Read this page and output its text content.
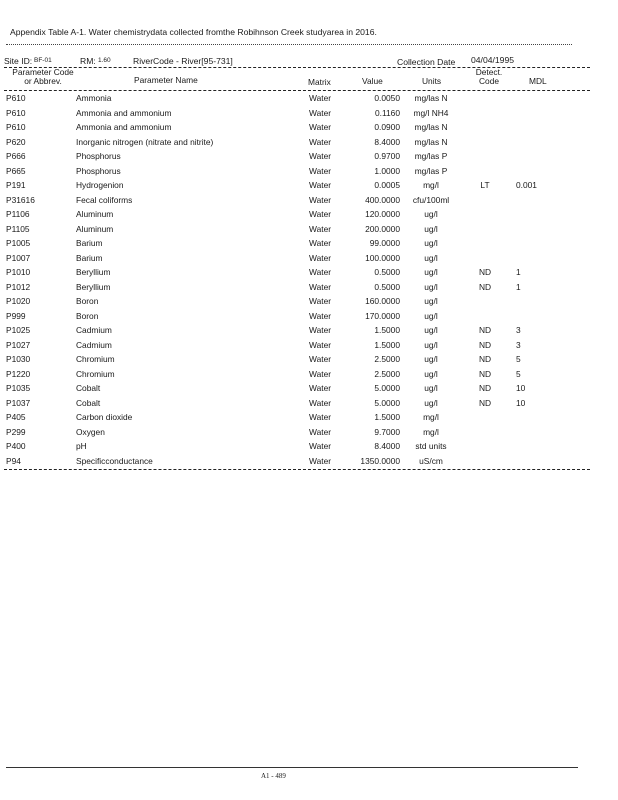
Appendix Table A-1. Water chemistrydata collected fromthe Robihnson Creek studyarea in 2016.
Site ID: BF-01	RM: 1.60	RiverCode - River[95-731]	Collection Date 04/04/1995
Parameter Code
or Abbrev.	Parameter Name	Matrix	Value	Units
Detect.
Code	MDL
P610	Ammonia	Water	0.0050	mg/las N
P610	Ammonia and ammonium	Water	0.1160	mg/l NH4
P610	Ammonia and ammonium	Water	0.0900	mg/las N
P620	Inorganic nitrogen (nitrate and nitrite)	Water	8.4000	mg/las N
P666	Phosphorus	Water	0.9700	mg/las P
P665	Phosphorus	Water	1.0000	mg/las P
P191	Hydrogenion	Water	0.0005	mg/l	LT	0.001
P31616	Fecal coliforms	Water	400.0000	cfu/100ml
P1106	Aluminum	Water	120.0000	ug/l
P1105	Aluminum	Water	200.0000	ug/l
P1005	Barium	Water	99.0000	ug/l
P1007	Barium	Water	100.0000	ug/l
P1010	Beryllium	Water	0.5000	ug/l	ND	1
P1012	Beryllium	Water	0.5000	ug/l	ND	1
P1020	Boron	Water	160.0000	ug/l
P999	Boron	Water	170.0000	ug/l
P1025	Cadmium	Water	1.5000	ug/l	ND	3
P1027	Cadmium	Water	1.5000	ug/l	ND	3
P1030	Chromium	Water	2.5000	ug/l	ND	5
P1220	Chromium	Water	2.5000	ug/l	ND	5
P1035	Cobalt	Water	5.0000	ug/l	ND	10
P1037	Cobalt	Water	5.0000	ug/l	ND	10
P405	Carbon dioxide	Water	1.5000	mg/l
P299	Oxygen	Water	9.7000	mg/l
P400	pH	Water	8.4000	std units
P94	Specificconductance	Water	1350.0000	uS/cm
A1 - 489
